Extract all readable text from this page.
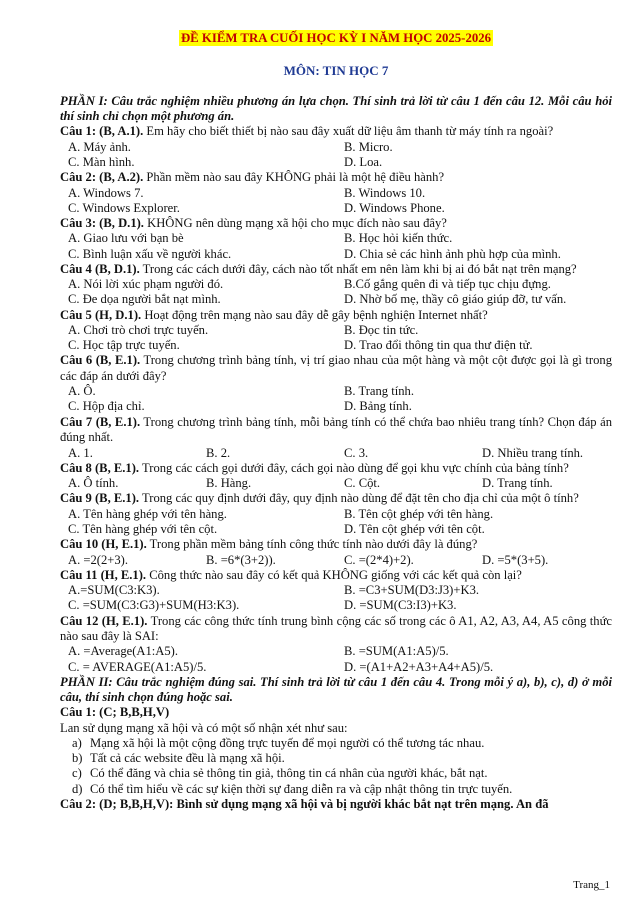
ĐỀ KIỂM TRA CUỐI HỌC KỲ I NĂM HỌC 2025-2026
MÔN: TIN HỌC 7
PHẦN I: Câu trắc nghiệm nhiều phương án lựa chọn. Thí sinh trả lời từ câu 1 đến câu 12. Mỗi câu hỏi thí sinh chỉ chọn một phương án.
Câu 1: (B, A.1). Em hãy cho biết thiết bị nào sau đây xuất dữ liệu âm thanh từ máy tính ra ngoài?
A. Máy ảnh.	B. Micro.
C. Màn hình.	D. Loa.
Câu 2: (B, A.2). Phần mềm nào sau đây KHÔNG phải là một hệ điều hành?
A. Windows 7.	B. Windows 10.
C. Windows Explorer.	D. Windows Phone.
Câu 3: (B, D.1). KHÔNG nên dùng mạng xã hội cho mục đích nào sau đây?
A. Giao lưu với bạn bè	B. Học hỏi kiến thức.
C. Bình luận xấu về người khác.	D. Chia sẻ các hình ảnh phù hợp của mình.
Câu 4 (B, D.1). Trong các cách dưới đây, cách nào tốt nhất em nên làm khi bị ai đó bắt nạt trên mạng?
A. Nói lời xúc phạm người đó.	B.Cố gắng quên đi và tiếp tục chịu đựng.
C. Đe dọa người bắt nạt mình.	D. Nhờ bố mẹ, thầy cô giáo giúp đỡ, tư vấn.
Câu 5 (H, D.1). Hoạt động trên mạng nào sau đây dễ gây bệnh nghiện Internet nhất?
A. Chơi trò chơi trực tuyến.	B. Đọc tin tức.
C. Học tập trực tuyến.	D. Trao đổi thông tin qua thư điện tử.
Câu 6 (B, E.1). Trong chương trình bảng tính, vị trí giao nhau của một hàng và một cột được gọi là gì trong các đáp án dưới đây?
A. Ô.	B. Trang tính.
C. Hộp địa chỉ.	D. Bảng tính.
Câu 7 (B, E.1). Trong chương trình bảng tính, mỗi bảng tính có thể chứa bao nhiêu trang tính? Chọn đáp án đúng nhất.
A. 1.	B. 2.	C. 3.	D. Nhiều trang tính.
Câu 8 (B, E.1). Trong các cách gọi dưới đây, cách gọi nào dùng để gọi khu vực chính của bảng tính?
A. Ô tính.	B. Hàng.	C. Cột.	D. Trang tính.
Câu 9 (B, E.1). Trong các quy định dưới đây, quy định nào dùng để đặt tên cho địa chỉ của một ô tính?
A. Tên hàng ghép với tên hàng.	B. Tên cột ghép với tên hàng.
C. Tên hàng ghép với tên cột.	D. Tên cột ghép với tên cột.
Câu 10 (H, E.1). Trong phần mềm bảng tính công thức tính nào dưới đây là đúng?
A. =2(2+3).	B. =6*(3+2)).	C. =(2*4)+2).	D. =5*(3+5).
Câu 11 (H, E.1). Công thức nào sau đây có kết quả KHÔNG giống với các kết quả còn lại?
A.=SUM(C3:K3).	B. =C3+SUM(D3:J3)+K3.
C. =SUM(C3:G3)+SUM(H3:K3).	D. =SUM(C3:I3)+K3.
Câu 12 (H, E.1). Trong các công thức tính trung bình cộng các số trong các ô A1, A2, A3, A4, A5 công thức nào sau đây là SAI:
A. =Average(A1:A5).	B. =SUM(A1:A5)/5.
C. = AVERAGE(A1:A5)/5.	D. =(A1+A2+A3+A4+A5)/5.
PHẦN II: Câu trắc nghiệm đúng sai. Thí sinh trả lời từ câu 1 đến câu 4. Trong mỗi ý a), b), c), d) ở mỗi câu, thí sinh chọn đúng hoặc sai.
Câu 1: (C; B,B,H,V)
Lan sử dụng mạng xã hội và có một số nhận xét như sau:
a) Mạng xã hội là một cộng đồng trực tuyến để mọi người có thể tương tác nhau.
b) Tất cả các website đều là mạng xã hội.
c) Có thể đăng và chia sẻ thông tin giả, thông tin cá nhân của người khác, bắt nạt.
d) Có thể tìm hiểu về các sự kiện thời sự đang diễn ra và cập nhật thông tin trực tuyến.
Câu 2: (D; B,B,H,V): Bình sử dụng mạng xã hội và bị người khác bắt nạt trên mạng. An đã
Trang_1
